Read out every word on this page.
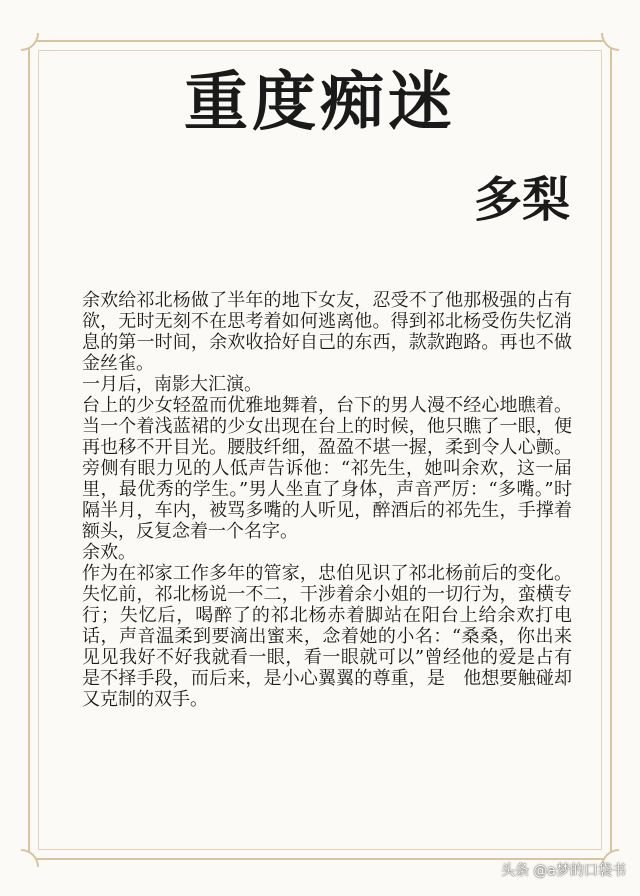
重度痴迷
多梨

余欢给祁北杨做了半年的地下女友，忍受不了他那极强的占有欲，无时无刻不在思考着如何逃离他。得到祁北杨受伤失忆消息的第一时间，余欢收拾好自己的东西，款款跑路。再也不做金丝雀。

一月后，南影大汇演。

台上的少女轻盈而优雅地舞着，台下的男人漫不经心地瞧着。当一个着浅蓝裙的少女出现在台上的时候，他只瞧了一眼，便再也移不开目光。腰肢纤细，盈盈不堪一握，柔到令人心颤。旁侧有眼力见的人低声告诉他：“祁先生，她叫余欢，这一届里，最优秀的学生。”男人坐直了身体，声音严厉：“多嘴。”时隔半月，车内，被骂多嘴的人听见，醉酒后的祁先生，手撑着额头，反复念着一个名字。

余欢。

作为在祁家工作多年的管家，忠伯见识了祁北杨前后的变化。失忆前，祁北杨说一不二，干涉着余小姐的一切行为，蛮横专行；失忆后，喝醉了的祁北杨赤着脚站在阳台上给余欢打电话，声音温柔到要滴出蜜来，念着她的小名：“桑桑，你出来见见我好不好我就看一眼，看一眼就可以”曾经他的爱是占有是不择手段，而后来，是小心翼翼的尊重，是　他想要触碰却又克制的双手。

头条 @a梦的口袋书
